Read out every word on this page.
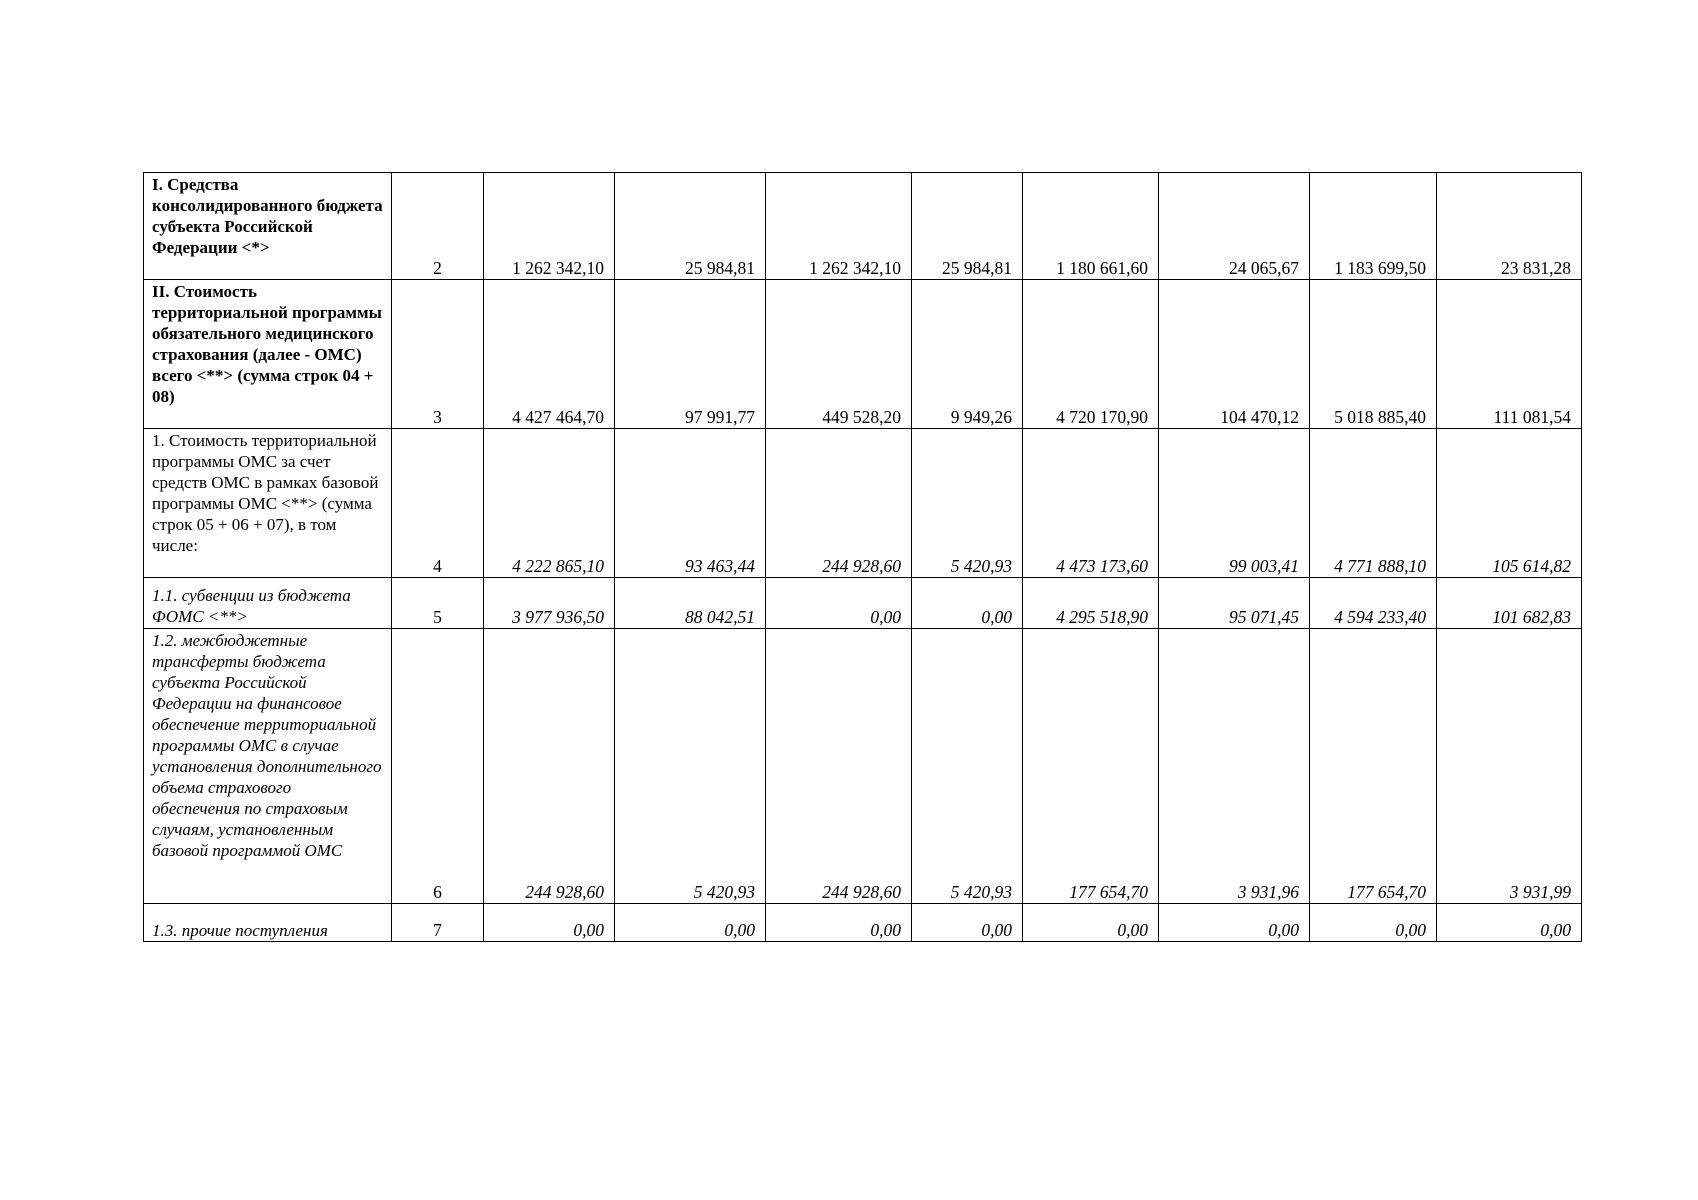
I. Средства консолидированного бюджета субъекта Российской Федерации <*>	2	1 262 342,10	25 984,81	1 262 342,10	25 984,81	1 180 661,60	24 065,67	1 183 699,50	23 831,28
II. Стоимость территориальной программы обязательного медицинского страхования (далее - ОМС) всего <**> (сумма строк 04 + 08)	3	4 427 464,70	97 991,77	449 528,20	9 949,26	4 720 170,90	104 470,12	5 018 885,40	111 081,54
1. Стоимость территориальной программы ОМС за счет средств ОМС в рамках базовой программы ОМС <**> (сумма строк 05 + 06 + 07), в том числе:	4	4 222 865,10	93 463,44	244 928,60	5 420,93	4 473 173,60	99 003,41	4 771 888,10	105 614,82
1.1. субвенции из бюджета ФОМС <**>	5	3 977 936,50	88 042,51	0,00	0,00	4 295 518,90	95 071,45	4 594 233,40	101 682,83
1.2. межбюджетные трансферты бюджета субъекта Российской Федерации на финансовое обеспечение территориальной программы ОМС в случае установления дополнительного объема страхового обеспечения по страховым случаям, установленным базовой программой ОМС	6	244 928,60	5 420,93	244 928,60	5 420,93	177 654,70	3 931,96	177 654,70	3 931,99
1.3. прочие поступления	7	0,00	0,00	0,00	0,00	0,00	0,00	0,00	0,00
